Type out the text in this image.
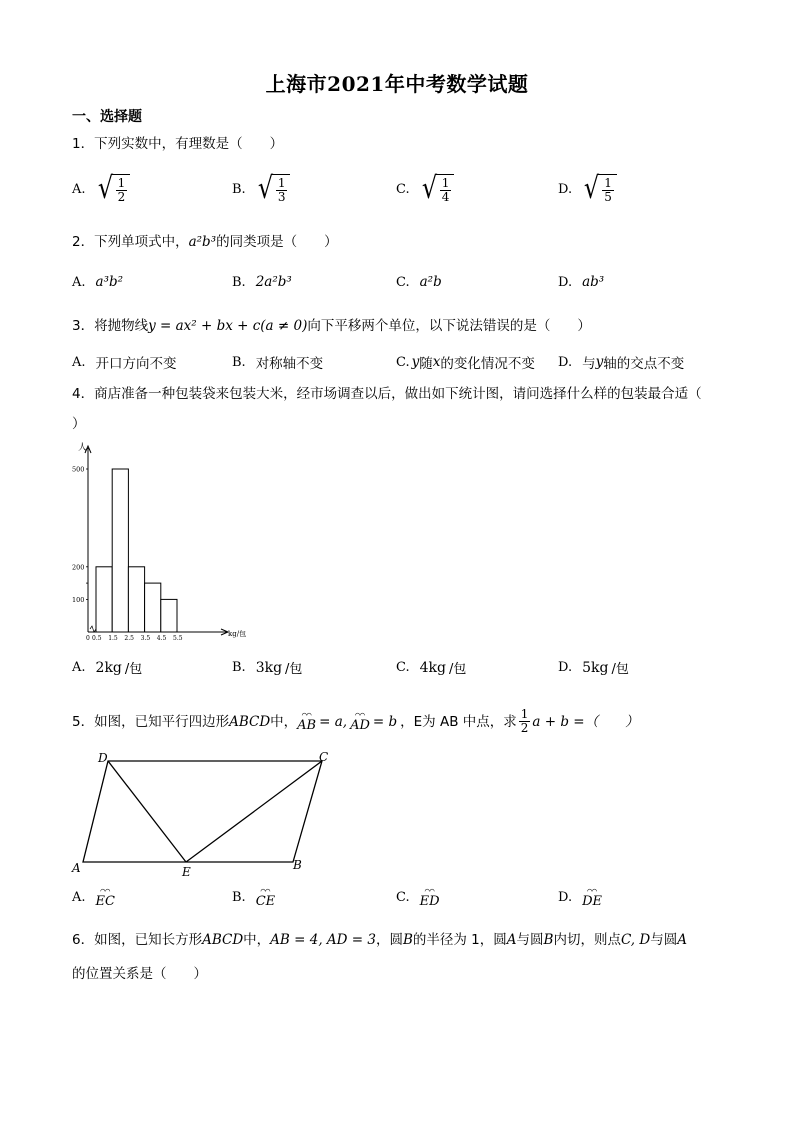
上海市2021年中考数学试题
一、选择题
1．下列实数中，有理数是（　　）
A. √ $\frac{1}{2}$	B. √ $\frac{1}{3}$	C. √ $\frac{1}{4}$	D. √ $\frac{1}{5}$
2．下列单项式中，a²b³的同类项是（　　）
A. a³b²	B. 2a²b³	C. a²b	D. ab³
3．将抛物线y = ax² + bx + c(a ≠ 0)向下平移两个单位，以下说法错误的是（　　）
A. 开口方向不变	B. 对称轴不变	C. y 随 x 的变化情况不变 D. 与 y 轴的交点不变
4．商店准备一种包装袋来包装大米，经市场调查以后，做出如下统计图，请问选择什么样的包装最合适（
）
人
kg/包
500
200
100
0 0.5 1.5 2.5 3.5 4.5 5.5
A. 2kg /包	B. 3kg /包	C. 4kg /包	D. 5kg /包
5．如图，已知平行四边形 ABCD 中， ⌒⌒
AB = a, ⌒⌒
AD = b ，E为 AB 中点，求 $\frac{1}{2}$ a + b =（　　）
A	B
C
D
E
A. ⌒⌒
EC	B. ⌒⌒
CE	C. ⌒⌒
ED	D. ⌒⌒
DE
6．如图，已知长方形ABCD中，AB = 4, AD = 3，圆B的半径为 1，圆A与圆B内切，则点C, D与圆A
的位置关系是（　　）
